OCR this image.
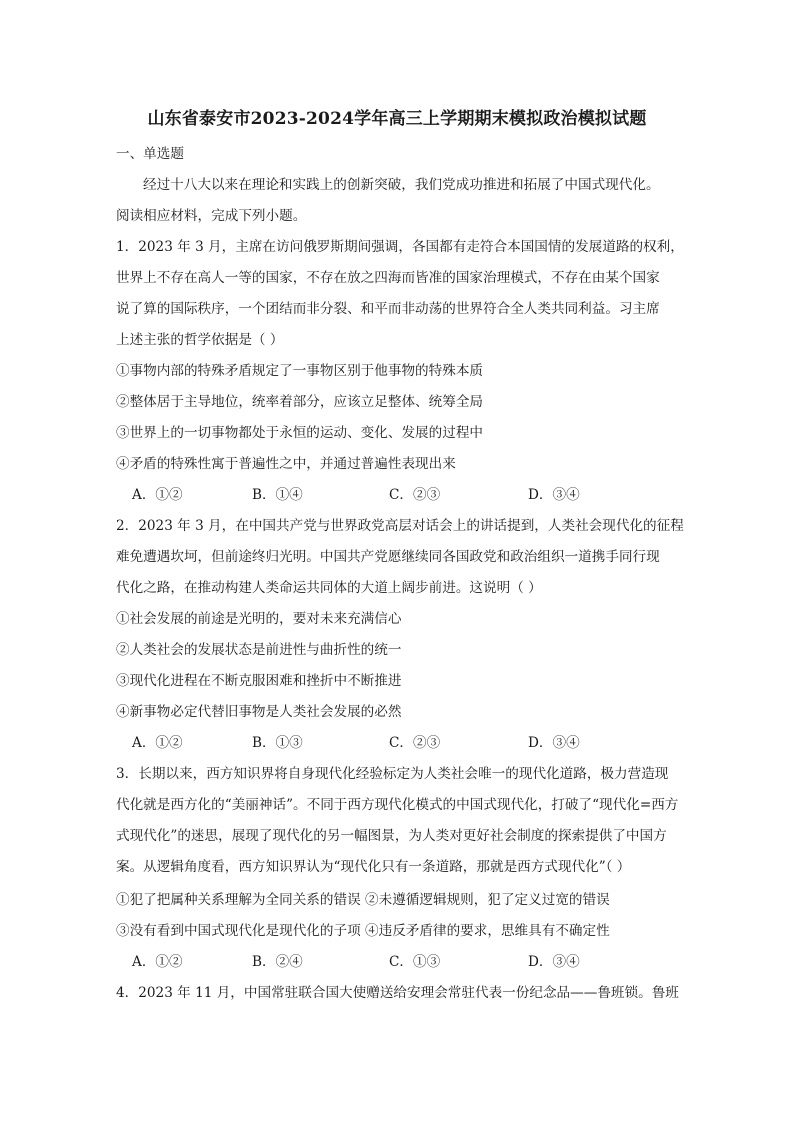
山东省泰安市2023-2024学年高三上学期期末模拟政治模拟试题
一、单选题
经过十八大以来在理论和实践上的创新突破，我们党成功推进和拓展了中国式现代化。
阅读相应材料，完成下列小题。
1．2023 年 3 月，主席在访问俄罗斯期间强调，各国都有走符合本国国情的发展道路的权利，
世界上不存在高人一等的国家，不存在放之四海而皆准的国家治理模式，不存在由某个国家
说了算的国际秩序，一个团结而非分裂、和平而非动荡的世界符合全人类共同利益。习主席
上述主张的哲学依据是（ ）
①事物内部的特殊矛盾规定了一事物区别于他事物的特殊本质
②整体居于主导地位，统率着部分，应该立足整体、统筹全局
③世界上的一切事物都处于永恒的运动、变化、发展的过程中
④矛盾的特殊性寓于普遍性之中，并通过普遍性表现出来
A．①②	B．①④	C．②③	D．③④
2．2023 年 3 月，在中国共产党与世界政党高层对话会上的讲话提到，人类社会现代化的征程
难免遭遇坎坷，但前途终归光明。中国共产党愿继续同各国政党和政治组织一道携手同行现
代化之路，在推动构建人类命运共同体的大道上阔步前进。这说明（ ）
①社会发展的前途是光明的，要对未来充满信心
②人类社会的发展状态是前进性与曲折性的统一
③现代化进程在不断克服困难和挫折中不断推进
④新事物必定代替旧事物是人类社会发展的必然
A．①②	B．①③	C．②③	D．③④
3．长期以来，西方知识界将自身现代化经验标定为人类社会唯一的现代化道路，极力营造现
代化就是西方化的“美丽神话”。不同于西方现代化模式的中国式现代化，打破了“现代化=西方
式现代化”的迷思，展现了现代化的另一幅图景，为人类对更好社会制度的探索提供了中国方
案。从逻辑角度看，西方知识界认为“现代化只有一条道路，那就是西方式现代化”（ ）
①犯了把属种关系理解为全同关系的错误 ②未遵循逻辑规则，犯了定义过宽的错误
③没有看到中国式现代化是现代化的子项 ④违反矛盾律的要求，思维具有不确定性
A．①②	B．②④	C．①③	D．③④
4．2023 年 11 月，中国常驻联合国大使赠送给安理会常驻代表一份纪念品——鲁班锁。鲁班
